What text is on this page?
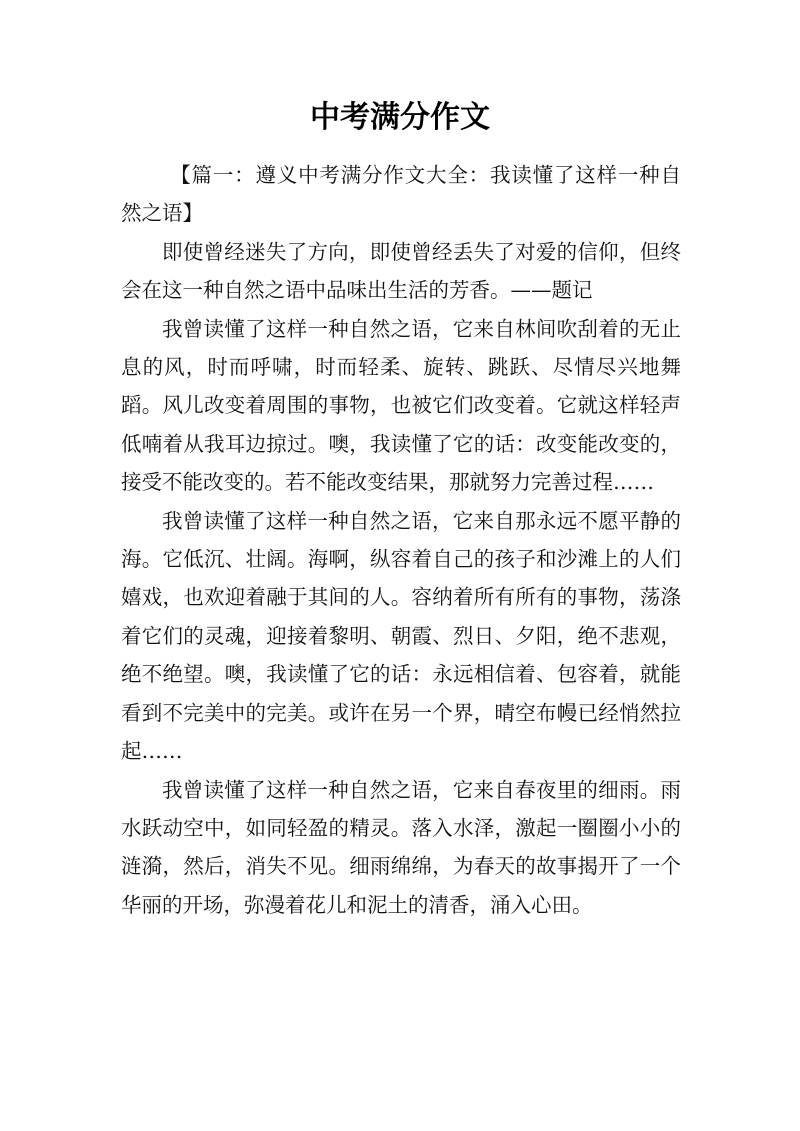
中考满分作文

【篇一：遵义中考满分作文大全：我读懂了这样一种自然之语】

即使曾经迷失了方向，即使曾经丢失了对爱的信仰，但终会在这一种自然之语中品味出生活的芳香。——题记

我曾读懂了这样一种自然之语，它来自林间吹刮着的无止息的风，时而呼啸，时而轻柔、旋转、跳跃、尽情尽兴地舞蹈。风儿改变着周围的事物，也被它们改变着。它就这样轻声低喃着从我耳边掠过。噢，我读懂了它的话：改变能改变的，接受不能改变的。若不能改变结果，那就努力完善过程……

我曾读懂了这样一种自然之语，它来自那永远不愿平静的海。它低沉、壮阔。海啊，纵容着自己的孩子和沙滩上的人们嬉戏，也欢迎着融于其间的人。容纳着所有所有的事物，荡涤着它们的灵魂，迎接着黎明、朝霞、烈日、夕阳，绝不悲观，绝不绝望。噢，我读懂了它的话：永远相信着、包容着，就能看到不完美中的完美。或许在另一个界，晴空布幔已经悄然拉起……

我曾读懂了这样一种自然之语，它来自春夜里的细雨。雨水跃动空中，如同轻盈的精灵。落入水泽，激起一圈圈小小的涟漪，然后，消失不见。细雨绵绵，为春天的故事揭开了一个华丽的开场，弥漫着花儿和泥土的清香，涌入心田。
